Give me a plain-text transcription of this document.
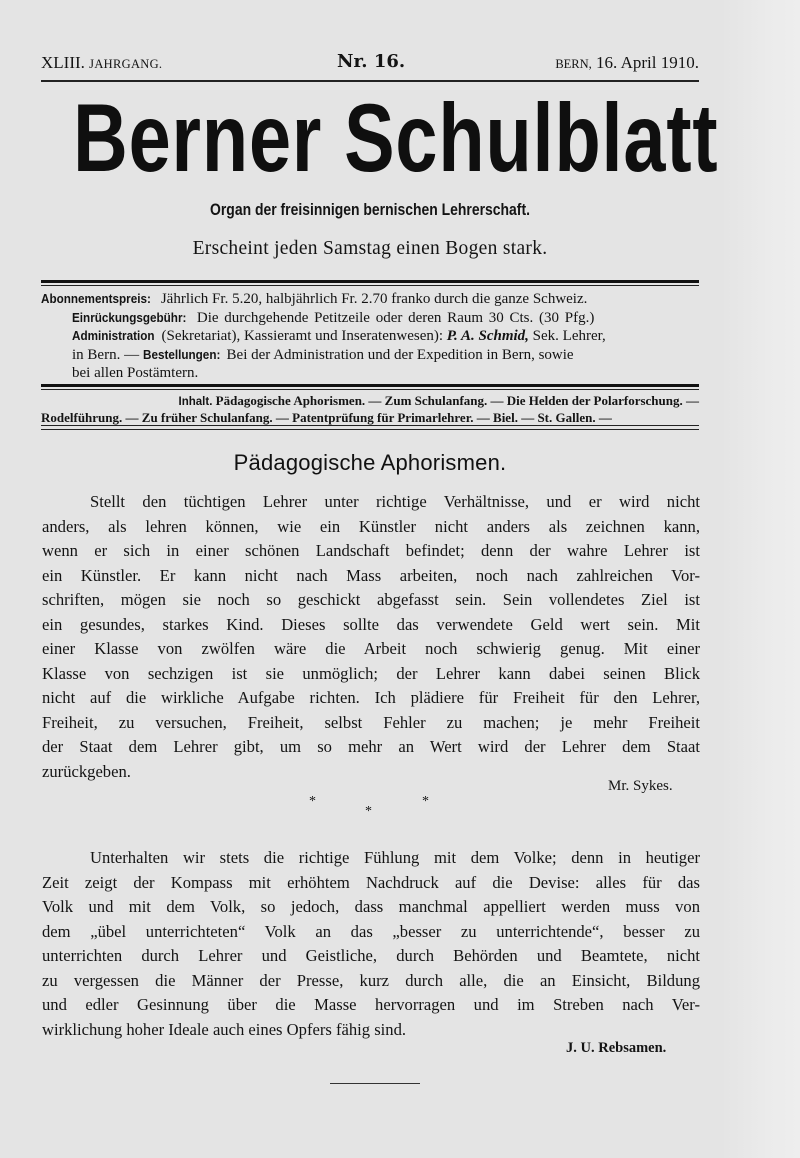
XLIII. JAHRGANG.	Nr. 16.	BERN, 16. April 1910.
Berner Schulblatt
Organ der freisinnigen bernischen Lehrerschaft.
Erscheint jeden Samstag einen Bogen stark.
Abonnementspreis: Jährlich Fr. 5.20, halbjährlich Fr. 2.70 franko durch die ganze Schweiz.
Einrückungsgebühr: Die durchgehende Petitzeile oder deren Raum 30 Cts. (30 Pfg.)
Administration (Sekretariat), Kassieramt und Inseratenwesen): P. A. Schmid, Sek. Lehrer,
in Bern. — Bestellungen: Bei der Administration und der Expedition in Bern, sowie
bei allen Postämtern.
Inhalt. Pädagogische Aphorismen. — Zum Schulanfang. — Die Helden der Polarforschung. —
Rodelführung. — Zu früher Schulanfang. — Patentprüfung für Primarlehrer. — Biel. — St. Gallen. —
Pädagogische Aphorismen.
Stellt den tüchtigen Lehrer unter richtige Verhältnisse, und er wird nicht
anders, als lehren können, wie ein Künstler nicht anders als zeichnen kann,
wenn er sich in einer schönen Landschaft befindet; denn der wahre Lehrer ist
ein Künstler. Er kann nicht nach Mass arbeiten, noch nach zahlreichen Vor-
schriften, mögen sie noch so geschickt abgefasst sein. Sein vollendetes Ziel ist
ein gesundes, starkes Kind. Dieses sollte das verwendete Geld wert sein. Mit
einer Klasse von zwölfen wäre die Arbeit noch schwierig genug. Mit einer
Klasse von sechzigen ist sie unmöglich; der Lehrer kann dabei seinen Blick
nicht auf die wirkliche Aufgabe richten. Ich plädiere für Freiheit für den Lehrer,
Freiheit, zu versuchen, Freiheit, selbst Fehler zu machen; je mehr Freiheit
der Staat dem Lehrer gibt, um so mehr an Wert wird der Lehrer dem Staat
zurückgeben.
Mr. Sykes.
*	*
*
Unterhalten wir stets die richtige Fühlung mit dem Volke; denn in heutiger
Zeit zeigt der Kompass mit erhöhtem Nachdruck auf die Devise: alles für das
Volk und mit dem Volk, so jedoch, dass manchmal appelliert werden muss von
dem „übel unterrichteten“ Volk an das „besser zu unterrichtende“, besser zu
unterrichten durch Lehrer und Geistliche, durch Behörden und Beamtete, nicht
zu vergessen die Männer der Presse, kurz durch alle, die an Einsicht, Bildung
und edler Gesinnung über die Masse hervorragen und im Streben nach Ver-
wirklichung hoher Ideale auch eines Opfers fähig sind.
J. U. Rebsamen.
